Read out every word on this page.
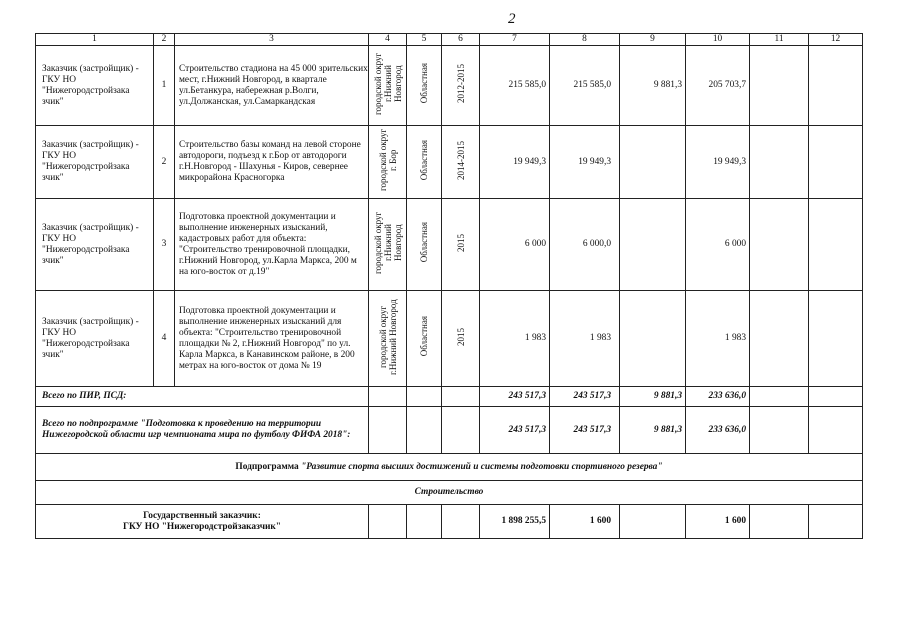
2
1	2	3	4	5	6	7	8	9	10	11	12
Заказчик (застройщик) - ГКУ НО "Нижегородстройзака зчик"	1	Строительство стадиона на 45 000 зрительских мест, г.Нижний Новгород, в квартале ул.Бетанкура, набережная р.Волги, ул.Должанская, ул.Самаркандская	городской округ г.Нижний Новгород	Областная	2012-2015	215 585,0	215 585,0	9 881,3	205 703,7		
Заказчик (застройщик) - ГКУ НО "Нижегородстройзака зчик"	2	Строительство базы команд на левой стороне автодороги, подъезд к г.Бор от автодороги г.Н.Новгород - Шахунья - Киров, севернее микрорайона Красногорка	городской округ г. Бор	Областная	2014-2015	19 949,3	19 949,3		19 949,3		
Заказчик (застройщик) - ГКУ НО "Нижегородстройзака зчик"	3	Подготовка проектной документации и выполнение инженерных изысканий, кадастровых работ для объекта: "Строительство тренировочной площадки, г.Нижний Новгород, ул.Карла Маркса, 200 м на юго-восток от д.19"	городской округ г.Нижний Новгород	Областная	2015	6 000	6 000,0		6 000		
Заказчик (застройщик) - ГКУ НО "Нижегородстройзака зчик"	4	Подготовка проектной документации и выполнение инженерных изысканий для объекта: "Строительство тренировочной площадки № 2, г.Нижний Новгород" по ул. Карла Маркса, в Канавинском районе, в 200 метрах на юго-восток от дома № 19	городской округ г.Нижний Новгород	Областная	2015	1 983	1 983		1 983		
Всего по ПИР, ПСД:						243 517,3	243 517,3	9 881,3	233 636,0		
Всего по подпрограмме "Подготовка к проведению на территории Нижегородской области игр чемпионата мира по футболу ФИФА 2018":						243 517,3	243 517,3	9 881,3	233 636,0		
Подпрограмма "Развитие спорта высших достижений и системы подготовки спортивного резерва"											
Строительство											

Государственный заказчик:
ГКУ НО "Нижегородстройзаказчик"						1 898 255,5	1 600		1 600		
